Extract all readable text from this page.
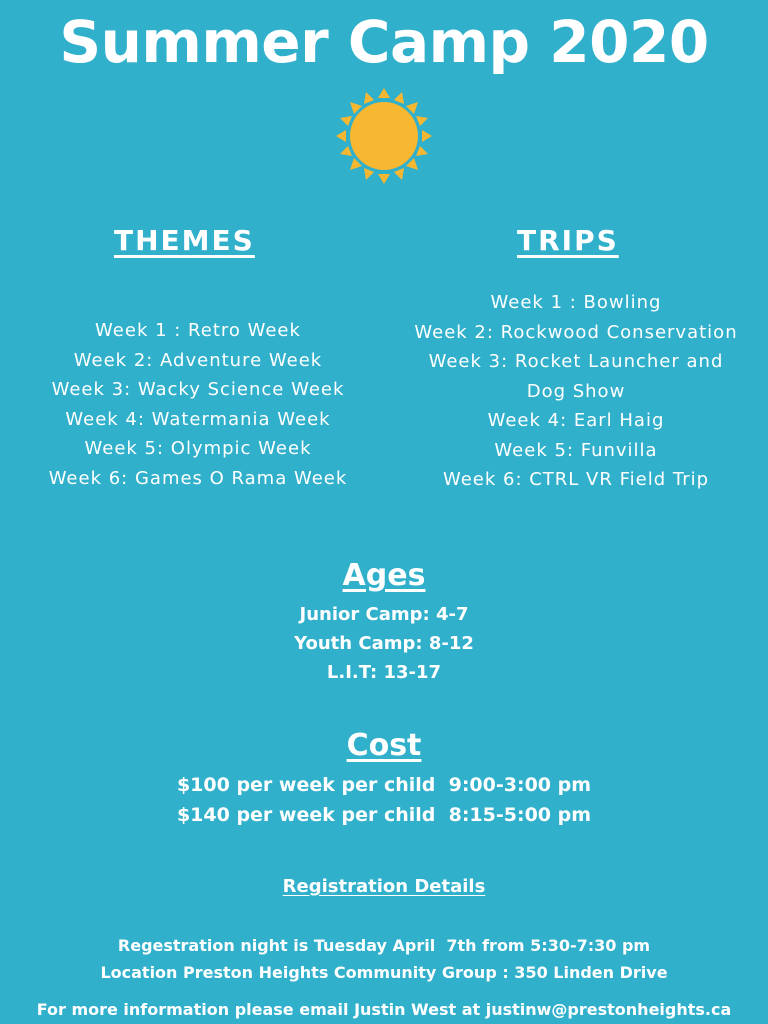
Summer Camp 2020
THEMES	TRIPS
Week 1 : Retro Week
Week 2: Adventure Week
Week 3: Wacky Science Week
Week 4: Watermania Week
Week 5: Olympic Week
Week 6: Games O Rama Week
Week 1 : Bowling
Week 2: Rockwood Conservation
Week 3: Rocket Launcher and
Dog Show
Week 4: Earl Haig
Week 5: Funvilla
Week 6: CTRL VR Field Trip
Ages
Junior Camp: 4-7
Youth Camp: 8-12
L.I.T: 13-17
Cost
$100 per week per child  9:00-3:00 pm
$140 per week per child  8:15-5:00 pm
Registration Details
Regestration night is Tuesday April  7th from 5:30-7:30 pm
Location Preston Heights Community Group : 350 Linden Drive
For more information please email Justin West at justinw@prestonheights.ca
